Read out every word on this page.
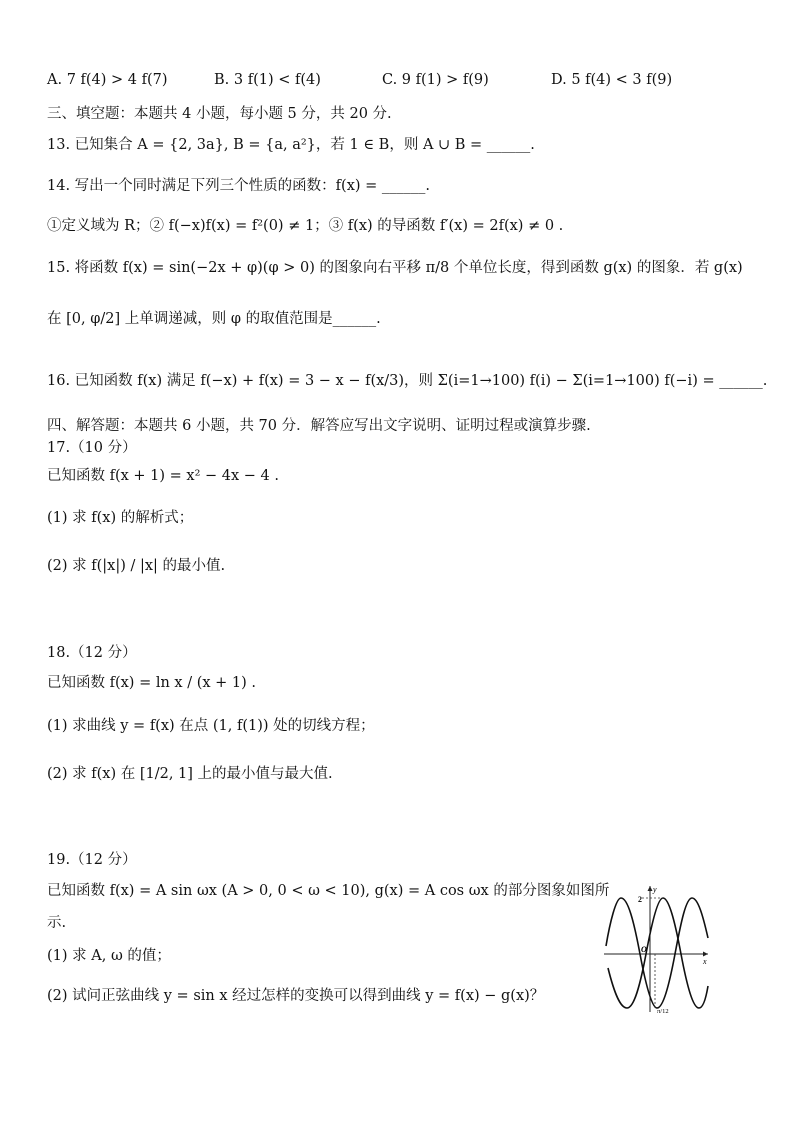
A. 7 f(4) > 4 f(7)	B. 3 f(1) < f(4)	C. 9 f(1) > f(9)	D. 5 f(4) < 3 f(9)
三、填空题：本题共 4 小题，每小题 5 分，共 20 分.
13. 已知集合 A = {2, 3a}, B = {a, a²}，若 1 ∈ B，则 A ∪ B = ______.
14. 写出一个同时满足下列三个性质的函数：f(x) = ______.
①定义域为 R；② f(−x)f(x) = f²(0) ≠ 1；③ f(x) 的导函数 f′(x) = 2f(x) ≠ 0 .
15. 将函数 f(x) = sin(−2x + φ)(φ > 0) 的图象向右平移 π/8 个单位长度，得到函数 g(x) 的图象．若 g(x)
在 [0, φ/2] 上单调递减，则 φ 的取值范围是______.
16. 已知函数 f(x) 满足 f(−x) + f(x) = 3 − x − f(x/3)，则 Σ(i=1→100) f(i) − Σ(i=1→100) f(−i) = ______.
四、解答题：本题共 6 小题，共 70 分．解答应写出文字说明、证明过程或演算步骤.
17.（10 分）
已知函数 f(x + 1) = x² − 4x − 4 .
(1) 求 f(x) 的解析式；
(2) 求 f(|x|) / |x| 的最小值.
18.（12 分）
已知函数 f(x) = ln x / (x + 1) .
(1) 求曲线 y = f(x) 在点 (1, f(1)) 处的切线方程；
(2) 求 f(x) 在 [1/2, 1] 上的最小值与最大值.
19.（12 分）
已知函数 f(x) = A sin ωx (A > 0, 0 < ω < 10), g(x) = A cos ωx 的部分图象如图所
示.
(1) 求 A, ω 的值；
(2) 试问正弦曲线 y = sin x 经过怎样的变换可以得到曲线 y = f(x) − g(x)？
y
x
O
2
π/12
